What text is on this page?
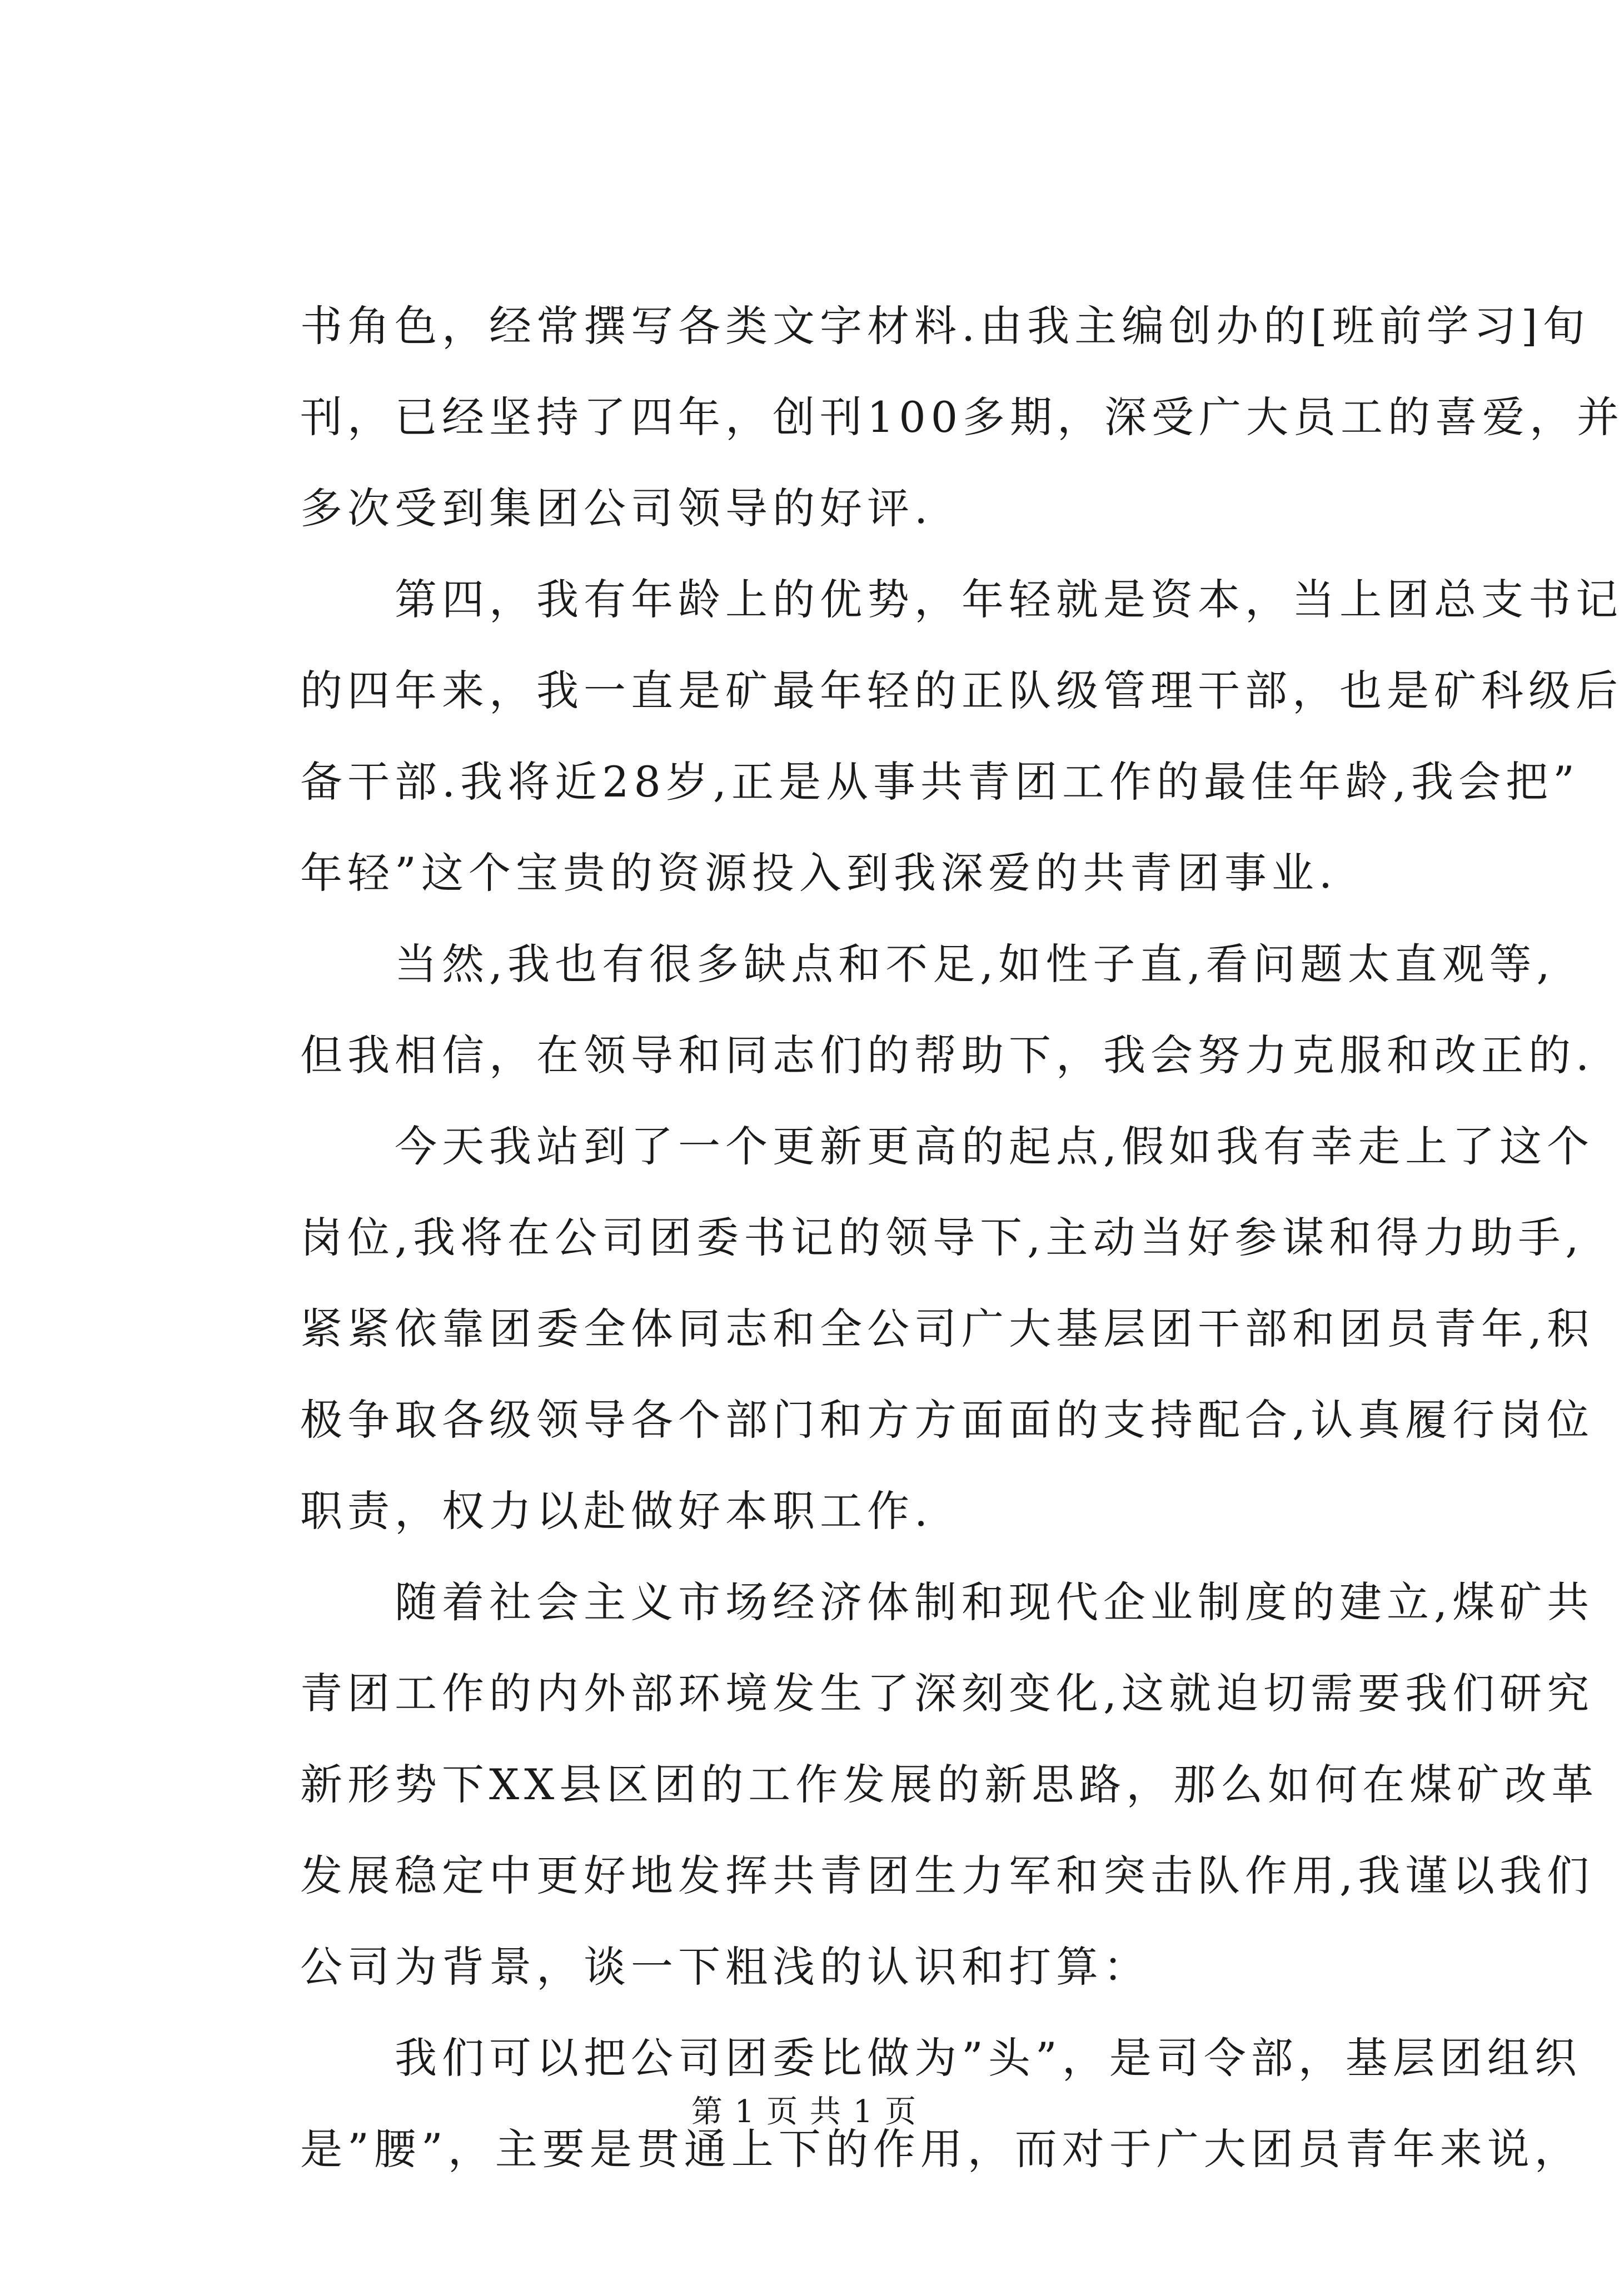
书角色，经常撰写各类文字材料.由我主编创办的[班前学习]旬
刊，已经坚持了四年，创刊100多期，深受广大员工的喜爱，并
多次受到集团公司领导的好评.
第四，我有年龄上的优势，年轻就是资本，当上团总支书记
的四年来，我一直是矿最年轻的正队级管理干部，也是矿科级后
备干部.我将近28岁,正是从事共青团工作的最佳年龄,我会把”
年轻”这个宝贵的资源投入到我深爱的共青团事业.
当然,我也有很多缺点和不足,如性子直,看问题太直观等,
但我相信，在领导和同志们的帮助下，我会努力克服和改正的.
今天我站到了一个更新更高的起点,假如我有幸走上了这个
岗位,我将在公司团委书记的领导下,主动当好参谋和得力助手,
紧紧依靠团委全体同志和全公司广大基层团干部和团员青年,积
极争取各级领导各个部门和方方面面的支持配合,认真履行岗位
职责，权力以赴做好本职工作.
随着社会主义市场经济体制和现代企业制度的建立,煤矿共
青团工作的内外部环境发生了深刻变化,这就迫切需要我们研究
新形势下XX县区团的工作发展的新思路，那么如何在煤矿改革
发展稳定中更好地发挥共青团生力军和突击队作用,我谨以我们
公司为背景，谈一下粗浅的认识和打算：
我们可以把公司团委比做为”头”，是司令部，基层团组织
是”腰”，主要是贯通上下的作用，而对于广大团员青年来说，
第 1 页 共 1 页
